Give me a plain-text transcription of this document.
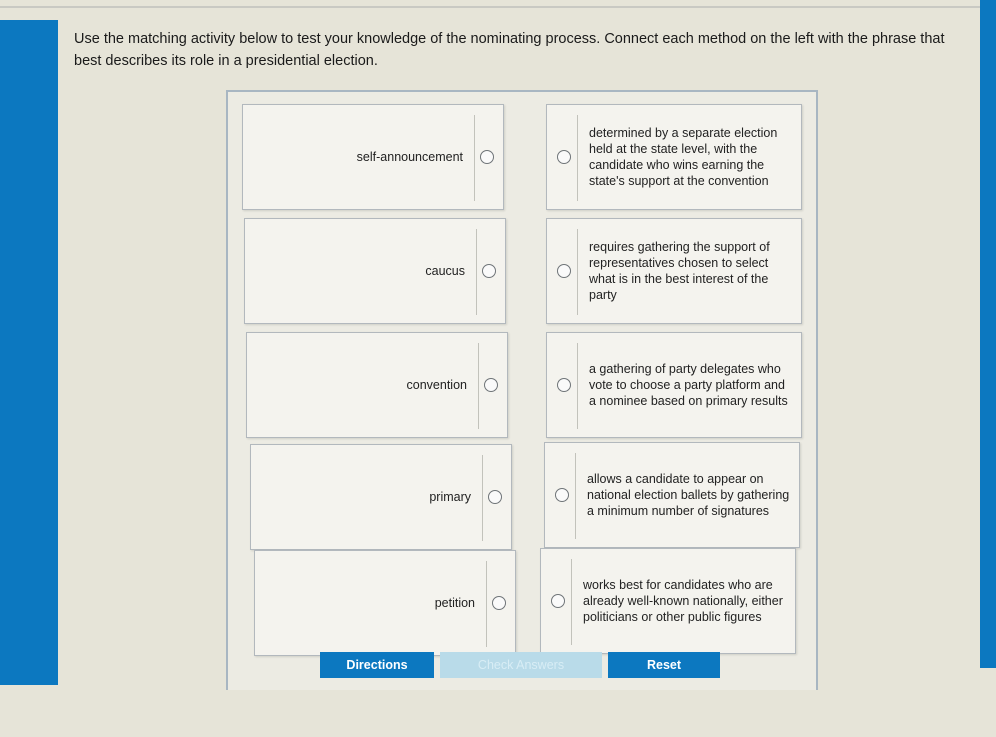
Use the matching activity below to test your knowledge of the nominating process. Connect each method on the left with the phrase that best describes its role in a presidential election.

self-announcement
determined by a separate election held at the state level, with the candidate who wins earning the state's support at the convention
caucus
requires gathering the support of representatives chosen to select what is in the best interest of the party
convention
a gathering of party delegates who vote to choose a party platform and a nominee based on primary results
primary
allows a candidate to appear on national election ballets by gathering a minimum number of signatures
petition
works best for candidates who are already well-known nationally, either politicians or other public figures
Directions	Check Answers	Reset
